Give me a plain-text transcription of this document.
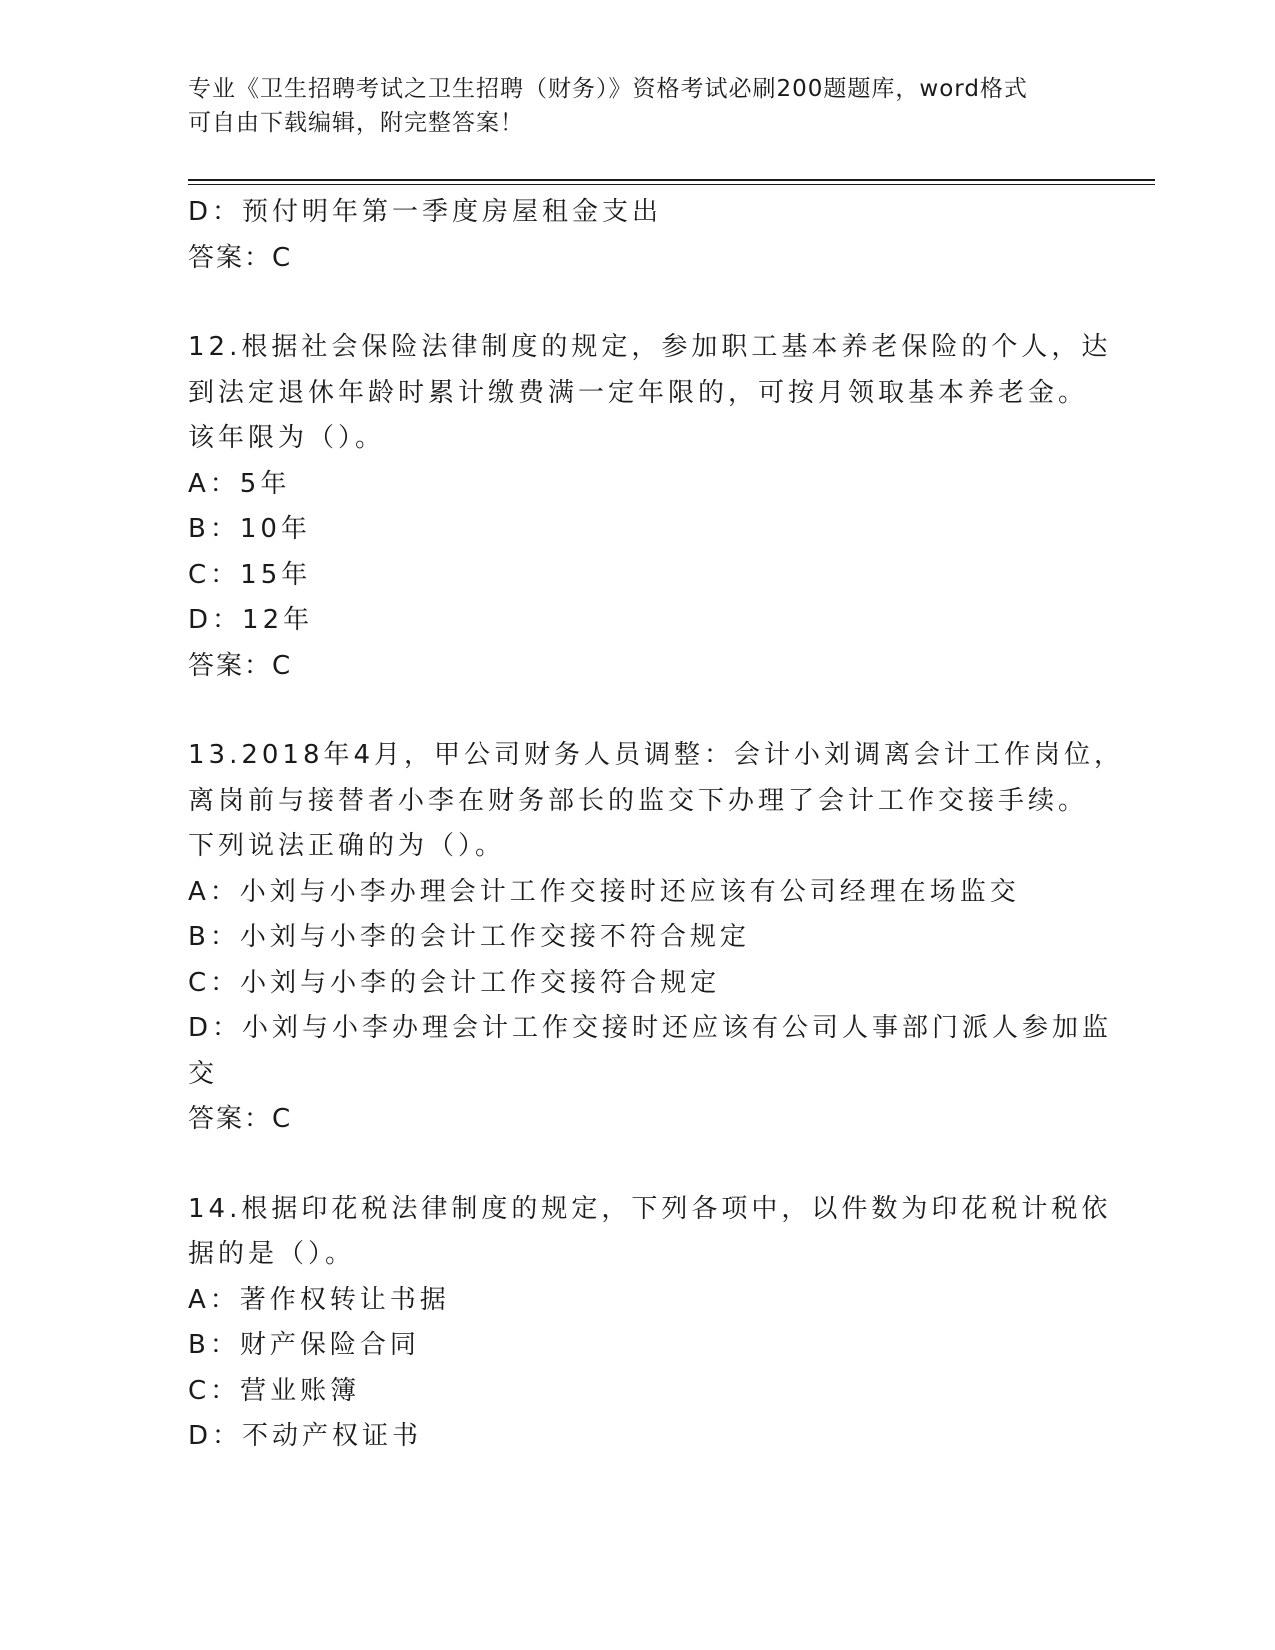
专业《卫生招聘考试之卫生招聘（财务）》资格考试必刷200题题库，word格式
可自由下载编辑，附完整答案！
D：预付明年第一季度房屋租金支出
答案：C
12.根据社会保险法律制度的规定，参加职工基本养老保险的个人，达
到法定退休年龄时累计缴费满一定年限的，可按月领取基本养老金。
该年限为（）。
A：5年
B：10年
C：15年
D：12年
答案：C
13.2018年4月，甲公司财务人员调整：会计小刘调离会计工作岗位，
离岗前与接替者小李在财务部长的监交下办理了会计工作交接手续。
下列说法正确的为（）。
A：小刘与小李办理会计工作交接时还应该有公司经理在场监交
B：小刘与小李的会计工作交接不符合规定
C：小刘与小李的会计工作交接符合规定
D：小刘与小李办理会计工作交接时还应该有公司人事部门派人参加监
交
答案：C
14.根据印花税法律制度的规定，下列各项中，以件数为印花税计税依
据的是（）。
A：著作权转让书据
B：财产保险合同
C：营业账簿
D：不动产权证书
